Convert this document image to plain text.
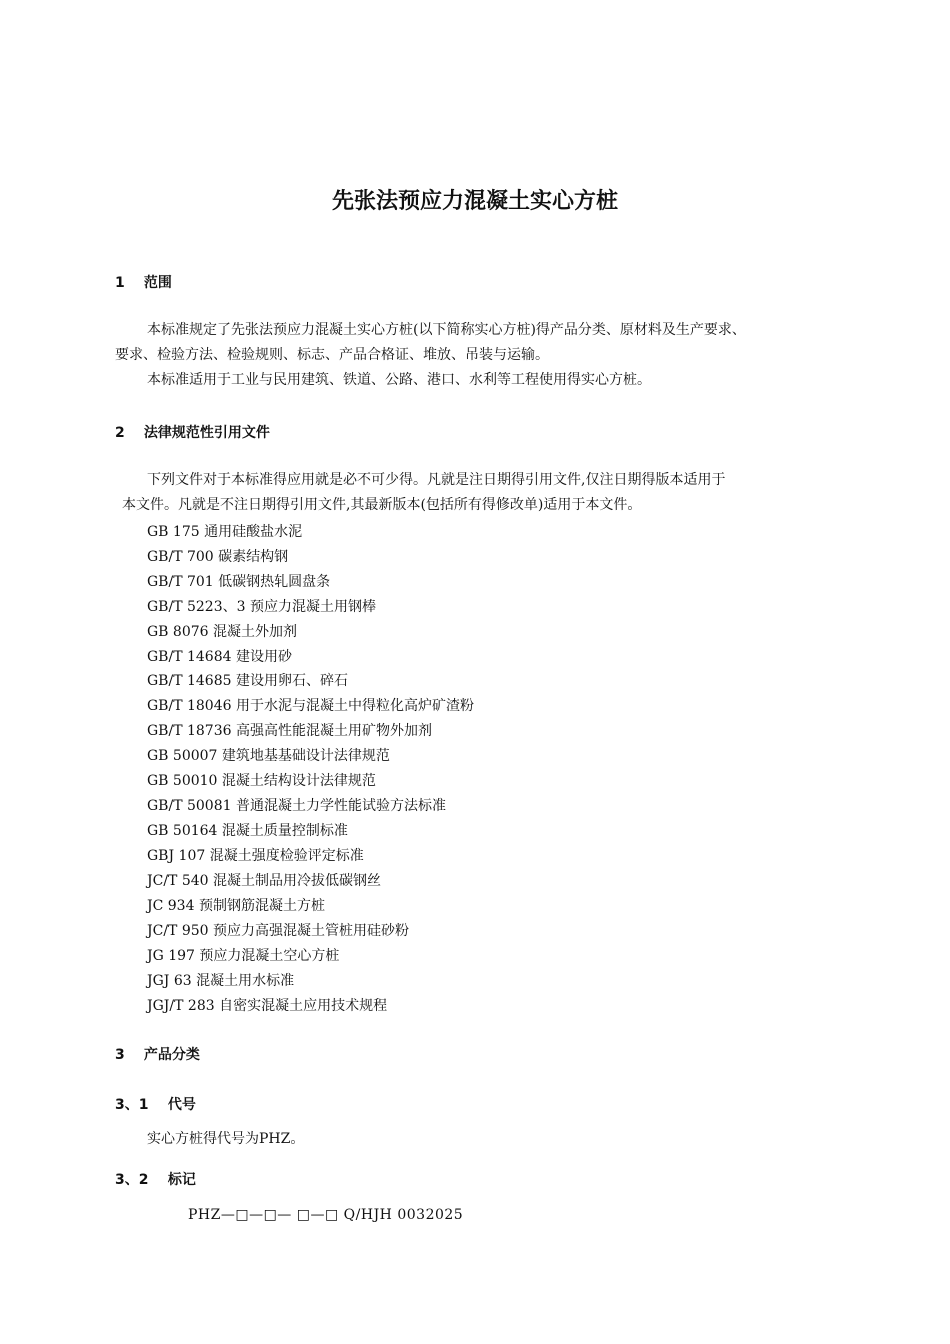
先张法预应力混凝土实心方桩
1 范围
本标准规定了先张法预应力混凝土实心方桩(以下简称实心方桩)得产品分类、原材料及生产要求、
要求、检验方法、检验规则、标志、产品合格证、堆放、吊装与运输。
本标准适用于工业与民用建筑、铁道、公路、港口、水利等工程使用得实心方桩。
2 法律规范性引用文件
下列文件对于本标准得应用就是必不可少得。凡就是注日期得引用文件,仅注日期得版本适用于
本文件。凡就是不注日期得引用文件,其最新版本(包括所有得修改单)适用于本文件。
GB 175 通用硅酸盐水泥
GB/T 700 碳素结构钢
GB/T 701 低碳钢热轧圆盘条
GB/T 5223、3 预应力混凝土用钢棒
GB 8076 混凝土外加剂
GB/T 14684 建设用砂
GB/T 14685 建设用卵石、碎石
GB/T 18046 用于水泥与混凝土中得粒化高炉矿渣粉
GB/T 18736 高强高性能混凝土用矿物外加剂
GB 50007 建筑地基基础设计法律规范
GB 50010 混凝土结构设计法律规范
GB/T 50081 普通混凝土力学性能试验方法标准
GB 50164 混凝土质量控制标准
GBJ 107 混凝土强度检验评定标准
JC/T 540 混凝土制品用冷拔低碳钢丝
JC 934 预制钢筋混凝土方桩
JC/T 950 预应力高强混凝土管桩用硅砂粉
JG 197 预应力混凝土空心方桩
JGJ 63 混凝土用水标准
JGJ/T 283 自密实混凝土应用技术规程
3 产品分类
3、1 代号
实心方桩得代号为PHZ。
3、2 标记
PHZ—□—□— □—□ Q/HJH 0032025
